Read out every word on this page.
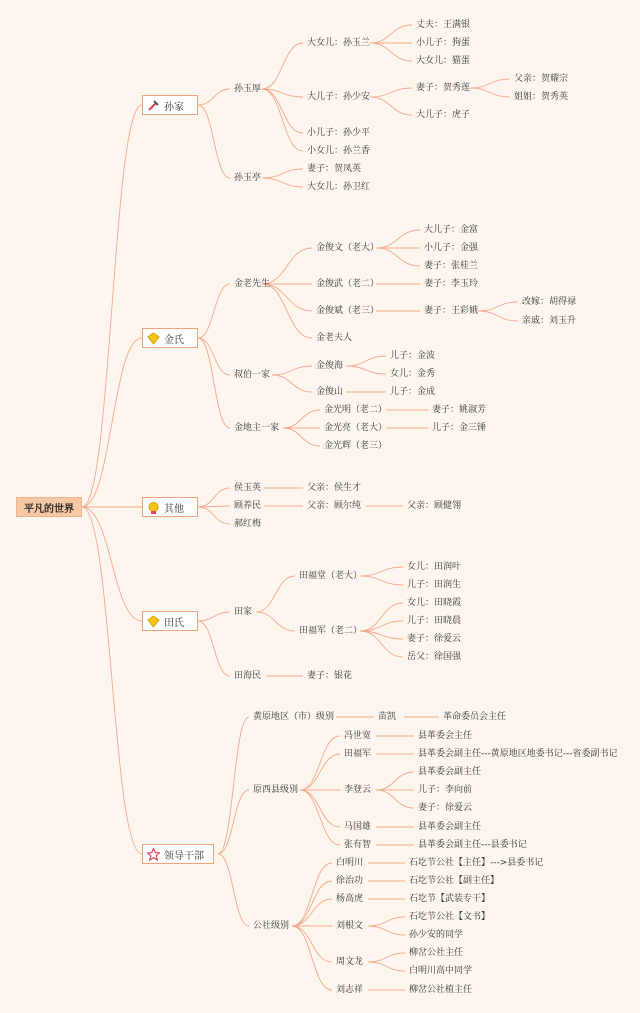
平凡的世界
孙家
金氏
其他
田氏
领导干部
孙玉厚
孙玉亭
大女儿：孙玉兰
丈夫：王满银
小儿子：狗蛋
大女儿：猫蛋
大儿子：孙少安
妻子：贺秀莲
父亲：贺耀宗
姐姐：贺秀英
大儿子：虎子
小儿子：孙少平
小女儿：孙兰香
妻子：贺凤英
大女儿：孙卫红
金老先生
金俊文（老大）
大儿子：金富
小儿子：金强
妻子：张桂兰
金俊武（老二）	妻子：李玉玲
金俊斌（老三）	妻子：王彩娥
改嫁：胡得禄
亲戚：刘玉升
金老夫人
叔伯一家
金俊海
儿子：金波
女儿：金秀
金俊山	儿子：金成
金地主一家
金光明（老二）	妻子：姚淑芳
金光亮（老大）	儿子：金三锤
金光辉（老三）
侯玉英	父亲：侯生才
顾养民	父亲：顾尔纯	父亲：顾健翎
郝红梅
田家
田福堂（老大）
女儿：田润叶
儿子：田润生
田福军（老二）
女儿：田晓霞
儿子：田晓晨
妻子：徐爱云
岳父：徐国强
田海民	妻子：银花
黄原地区（市）级别	苗凯	革命委员会主任
原西县级别
冯世宽	县革委会主任
田福军	县革委会副主任---黄原地区地委书记---省委副书记
李登云
县革委会副主任
儿子：李向前
妻子：徐爱云
马国雄	县革委会副主任
张有智	县革委会副主任---县委书记
公社级别
白明川	石圪节公社【主任】--->县委书记
徐治功	石圪节公社【副主任】
杨高虎	石圪节【武装专干】
刘根文
石圪节公社【文书】
孙少安的同学
周文龙
柳岔公社主任
白明川高中同学
刘志祥	柳岔公社植主任
